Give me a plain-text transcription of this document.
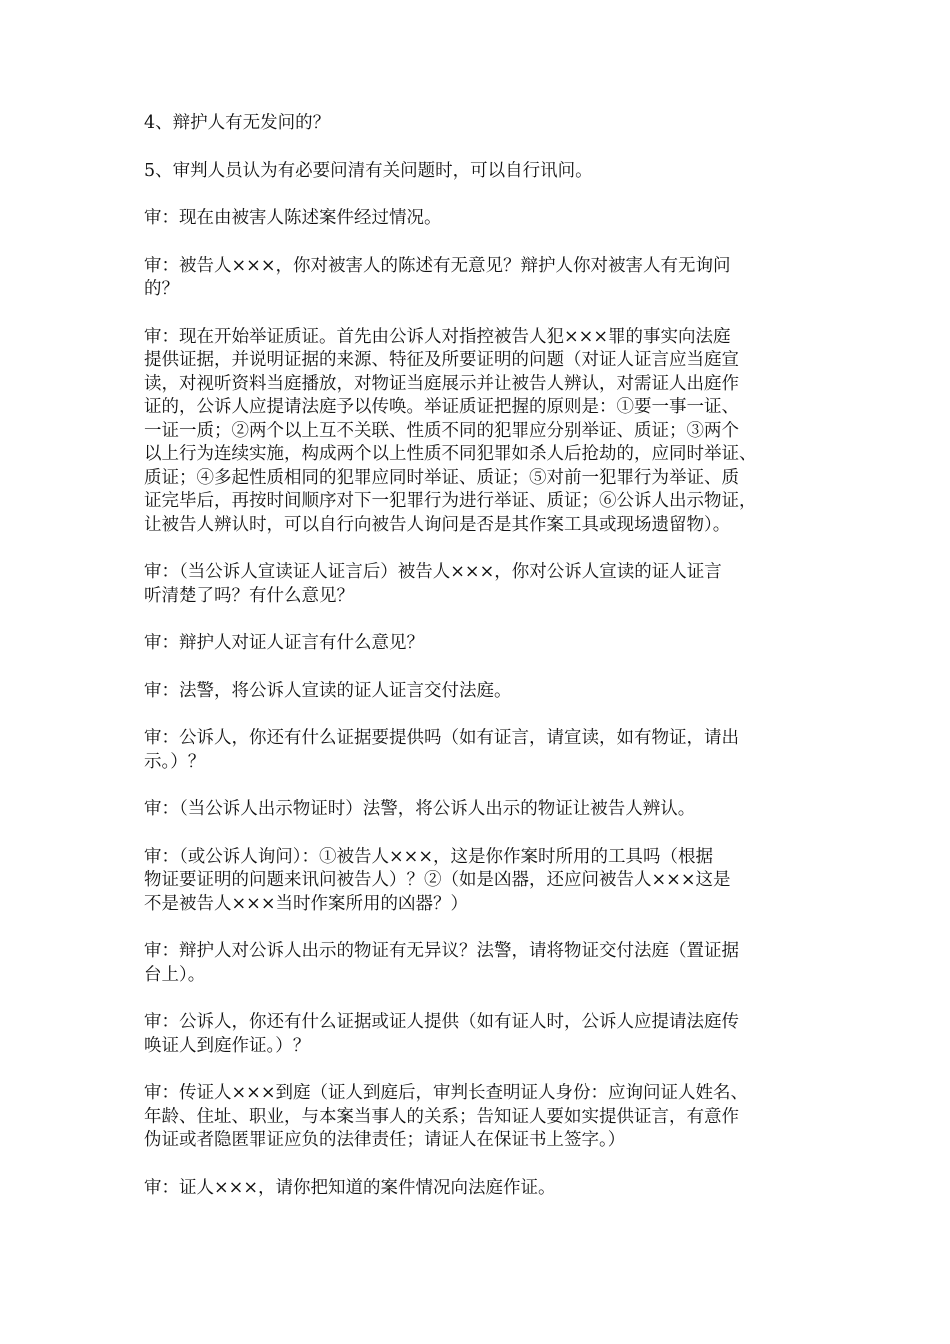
4、辩护人有无发问的？

5、审判人员认为有必要问清有关问题时，可以自行讯问。

审：现在由被害人陈述案件经过情况。

审：被告人×××，你对被害人的陈述有无意见？辩护人你对被害人有无询问
的？

审：现在开始举证质证。首先由公诉人对指控被告人犯×××罪的事实向法庭
提供证据，并说明证据的来源、特征及所要证明的问题（对证人证言应当庭宣
读，对视听资料当庭播放，对物证当庭展示并让被告人辨认，对需证人出庭作
证的，公诉人应提请法庭予以传唤。举证质证把握的原则是：①要一事一证、
一证一质；②两个以上互不关联、性质不同的犯罪应分别举证、质证；③两个
以上行为连续实施，构成两个以上性质不同犯罪如杀人后抢劫的，应同时举证、
质证；④多起性质相同的犯罪应同时举证、质证；⑤对前一犯罪行为举证、质
证完毕后，再按时间顺序对下一犯罪行为进行举证、质证；⑥公诉人出示物证，
让被告人辨认时，可以自行向被告人询问是否是其作案工具或现场遗留物）。

审：（当公诉人宣读证人证言后）被告人×××，你对公诉人宣读的证人证言
听清楚了吗？有什么意见？

审：辩护人对证人证言有什么意见？

审：法警，将公诉人宣读的证人证言交付法庭。

审：公诉人，你还有什么证据要提供吗（如有证言，请宣读，如有物证，请出
示。）？

审：（当公诉人出示物证时）法警，将公诉人出示的物证让被告人辨认。

审：（或公诉人询问）：①被告人×××，这是你作案时所用的工具吗（根据
物证要证明的问题来讯问被告人）？②（如是凶器，还应问被告人×××这是
不是被告人×××当时作案所用的凶器？）

审：辩护人对公诉人出示的物证有无异议？法警，请将物证交付法庭（置证据
台上）。

审：公诉人，你还有什么证据或证人提供（如有证人时，公诉人应提请法庭传
唤证人到庭作证。）？

审：传证人×××到庭（证人到庭后，审判长查明证人身份：应询问证人姓名、
年龄、住址、职业，与本案当事人的关系；告知证人要如实提供证言，有意作
伪证或者隐匿罪证应负的法律责任；请证人在保证书上签字。）

审：证人×××，请你把知道的案件情况向法庭作证。
